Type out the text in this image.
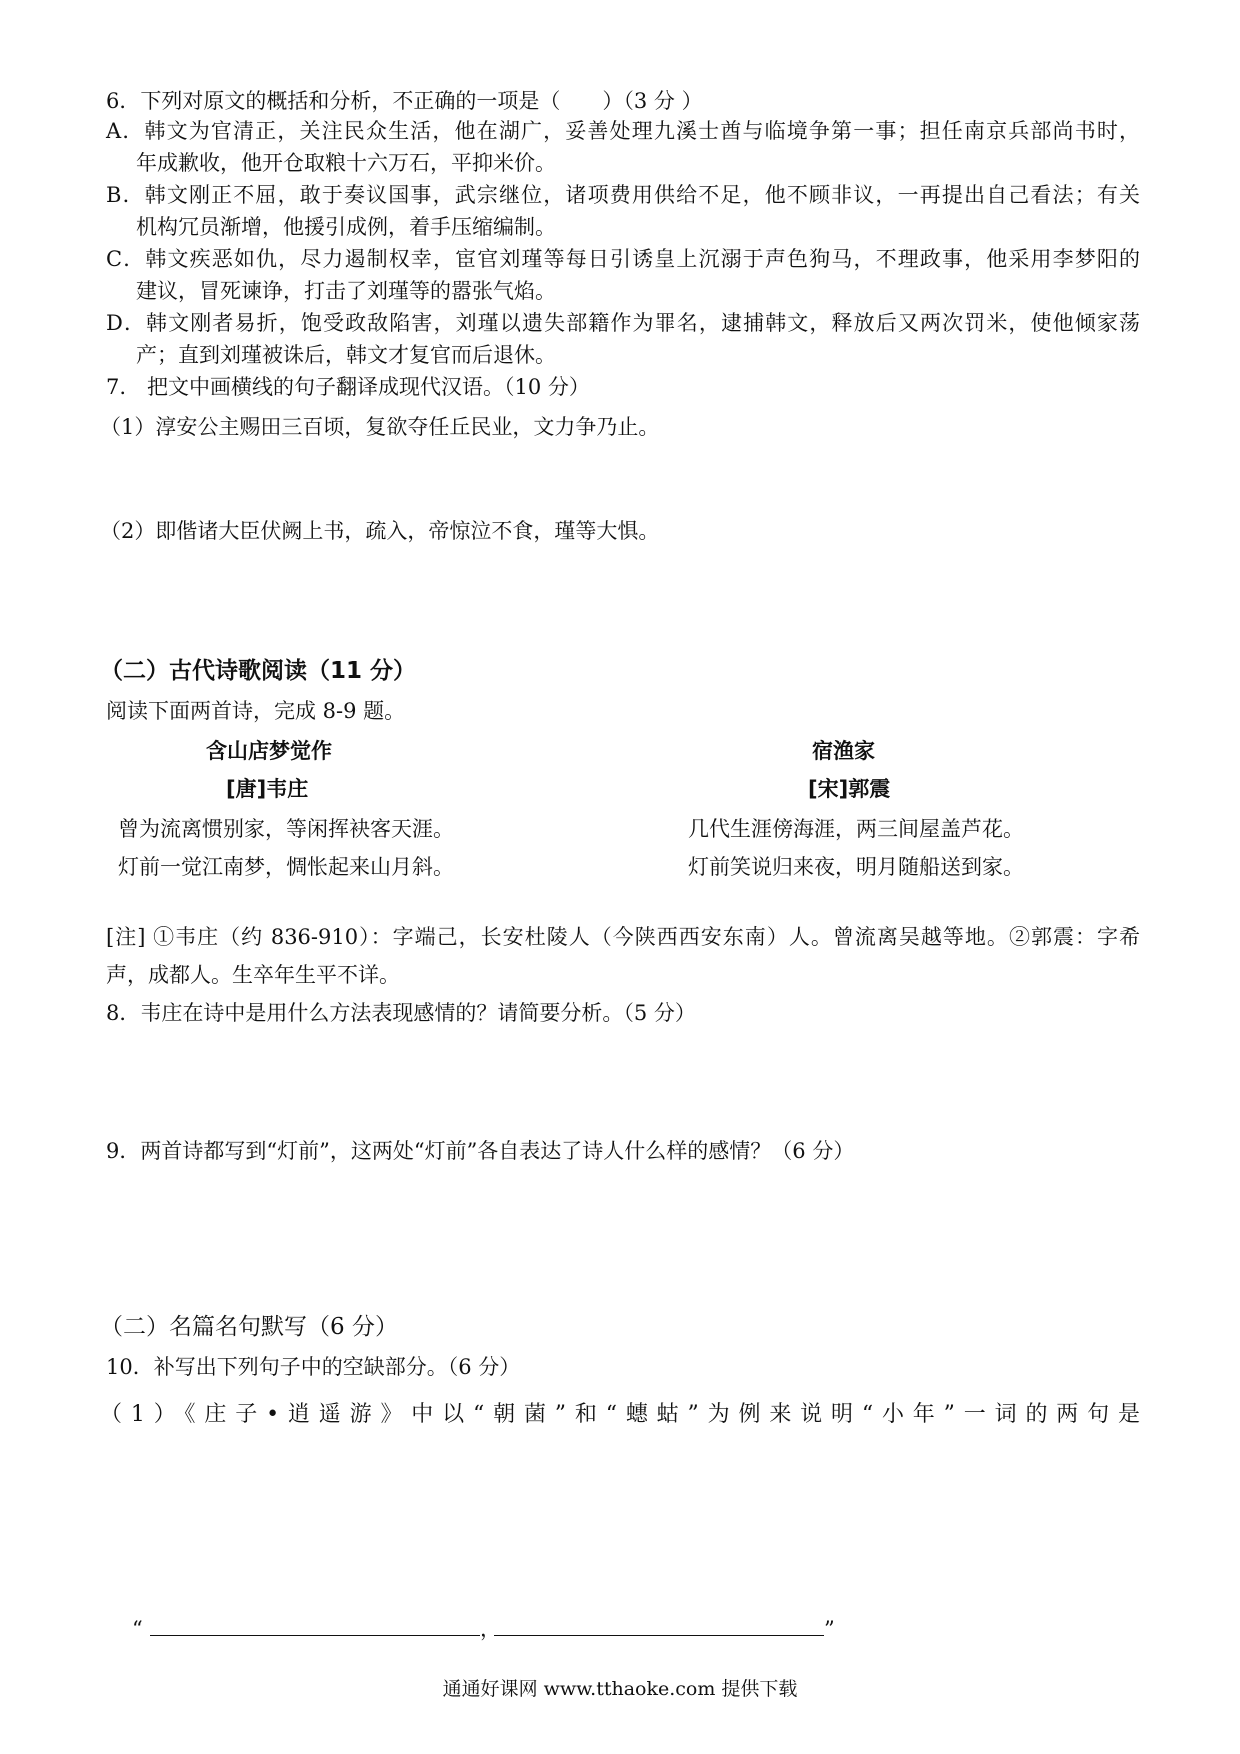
6．下列对原文的概括和分析，不正确的一项是（　　）（3 分 ）
A．韩文为官清正，关注民众生活，他在湖广，妥善处理九溪士酋与临境争第一事；担任南京兵部尚书时，
年成歉收，他开仓取粮十六万石，平抑米价。
B．韩文刚正不屈，敢于奏议国事，武宗继位，诸项费用供给不足，他不顾非议，一再提出自己看法；有关
机构冗员渐增，他援引成例，着手压缩编制。
C．韩文疾恶如仇，尽力遏制权幸，宦官刘瑾等每日引诱皇上沉溺于声色狗马，不理政事，他采用李梦阳的
建议，冒死谏诤，打击了刘瑾等的嚣张气焰。
D．韩文刚者易折，饱受政敌陷害，刘瑾以遗失部籍作为罪名，逮捕韩文，释放后又两次罚米，使他倾家荡
产；直到刘瑾被诛后，韩文才复官而后退休。
7.　把文中画横线的句子翻译成现代汉语。（10 分）
（1）淳安公主赐田三百顷，复欲夺任丘民业，文力争乃止。
（2）即偕诸大臣伏阙上书，疏入，帝惊泣不食，瑾等大惧。
（二）古代诗歌阅读（11 分）
阅读下面两首诗，完成 8-9 题。
含山店梦觉作
[唐]韦庄
曾为流离惯别家，等闲挥袂客天涯。
灯前一觉江南梦，惆怅起来山月斜。
宿渔家
[宋]郭震
几代生涯傍海涯，两三间屋盖芦花。
灯前笑说归来夜，明月随船送到家。
[注] ①韦庄（约 836-910）：字端己，长安杜陵人（今陕西西安东南）人。曾流离吴越等地。②郭震：字希
声，成都人。生卒年生平不详。
8．韦庄在诗中是用什么方法表现感情的？请简要分析。（5 分）
9．两首诗都写到“灯前”，这两处“灯前”各自表达了诗人什么样的感情？（6 分）
（二）名篇名句默写（6 分）
10．补写出下列句子中的空缺部分。（6 分）
（1）《庄子•逍遥游》中以“朝菌”和“蟪蛄”为例来说明“小年”一词的两句是
“	，	”
通通好课网 www.tthaoke.com 提供下载
